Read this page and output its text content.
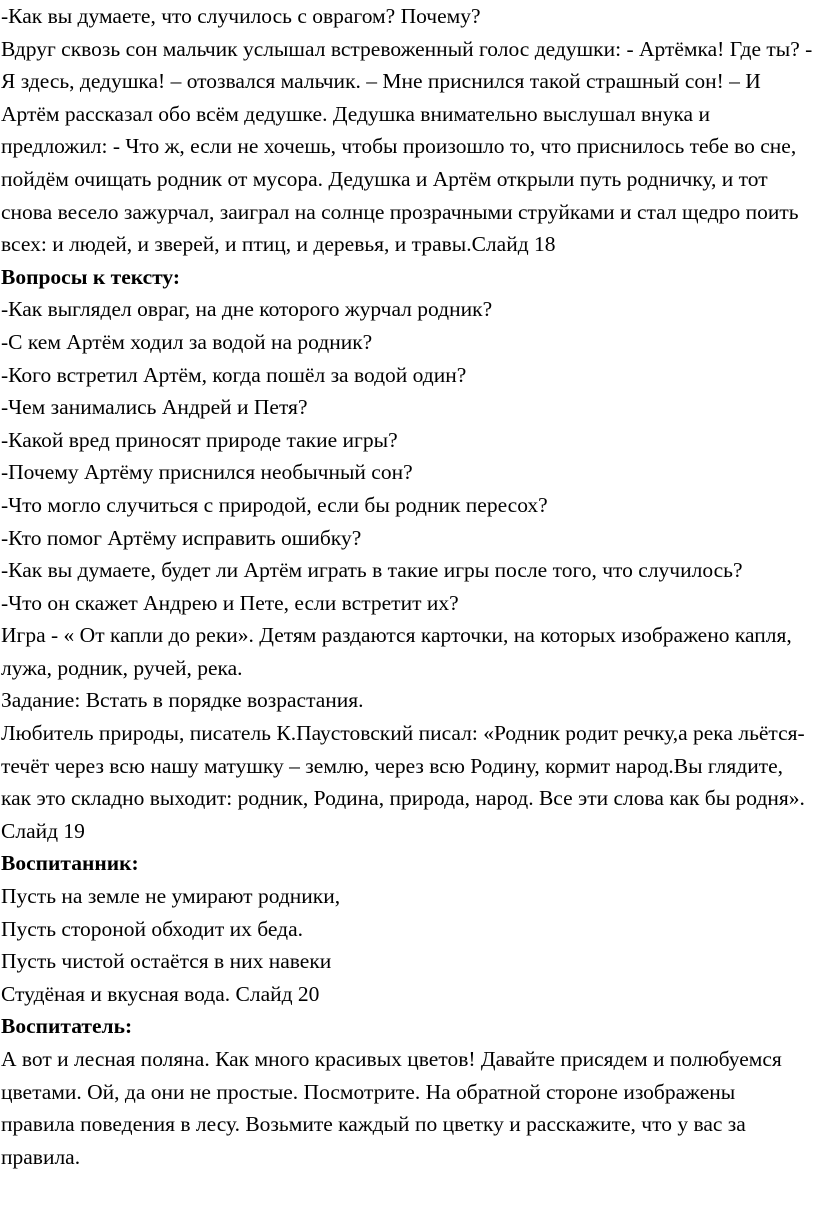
-Как вы думаете, что случилось с оврагом? Почему?

Вдруг сквозь сон мальчик услышал встревоженный голос дедушки: - Артёмка! Где ты? - Я здесь, дедушка! – отозвался мальчик. – Мне приснился такой страшный сон! – И Артём рассказал обо всём дедушке. Дедушка внимательно выслушал внука и предложил: - Что ж, если не хочешь, чтобы произошло то, что приснилось тебе во сне, пойдём очищать родник от мусора. Дедушка и Артём открыли путь родничку, и тот снова весело зажурчал, заиграл на солнце прозрачными струйками и стал щедро поить всех: и людей, и зверей, и птиц, и деревья, и травы.Слайд 18

Вопросы к тексту:

-Как выглядел овраг, на дне которого журчал родник?

-С кем Артём ходил за водой на родник?

-Кого встретил Артём, когда пошёл за водой один?

-Чем занимались Андрей и Петя?

-Какой вред приносят природе такие игры?

-Почему Артёму приснился необычный сон?

-Что могло случиться с природой, если бы родник пересох?

-Кто помог Артёму исправить ошибку?

-Как вы думаете, будет ли Артём играть в такие игры после того, что случилось?

-Что он скажет Андрею и Пете, если встретит их?

Игра - « От капли до реки». Детям раздаются карточки, на которых изображено капля, лужа, родник, ручей, река.

Задание: Встать в порядке возрастания.

Любитель природы, писатель К.Паустовский писал: «Родник родит речку,а река льётся- течёт через всю нашу матушку – землю, через всю Родину, кормит народ.Вы глядите, как это складно выходит: родник, Родина, природа, народ. Все эти слова как бы родня». Слайд 19

Воспитанник:

Пусть на земле не умирают родники,

Пусть стороной обходит их беда.

Пусть чистой остаётся в них навеки

Студёная и вкусная вода. Слайд 20

Воспитатель:

А вот и лесная поляна. Как много красивых цветов! Давайте присядем и полюбуемся цветами. Ой, да они не простые. Посмотрите. На обратной стороне изображены правила поведения в лесу. Возьмите каждый по цветку и расскажите, что у вас за правила.
